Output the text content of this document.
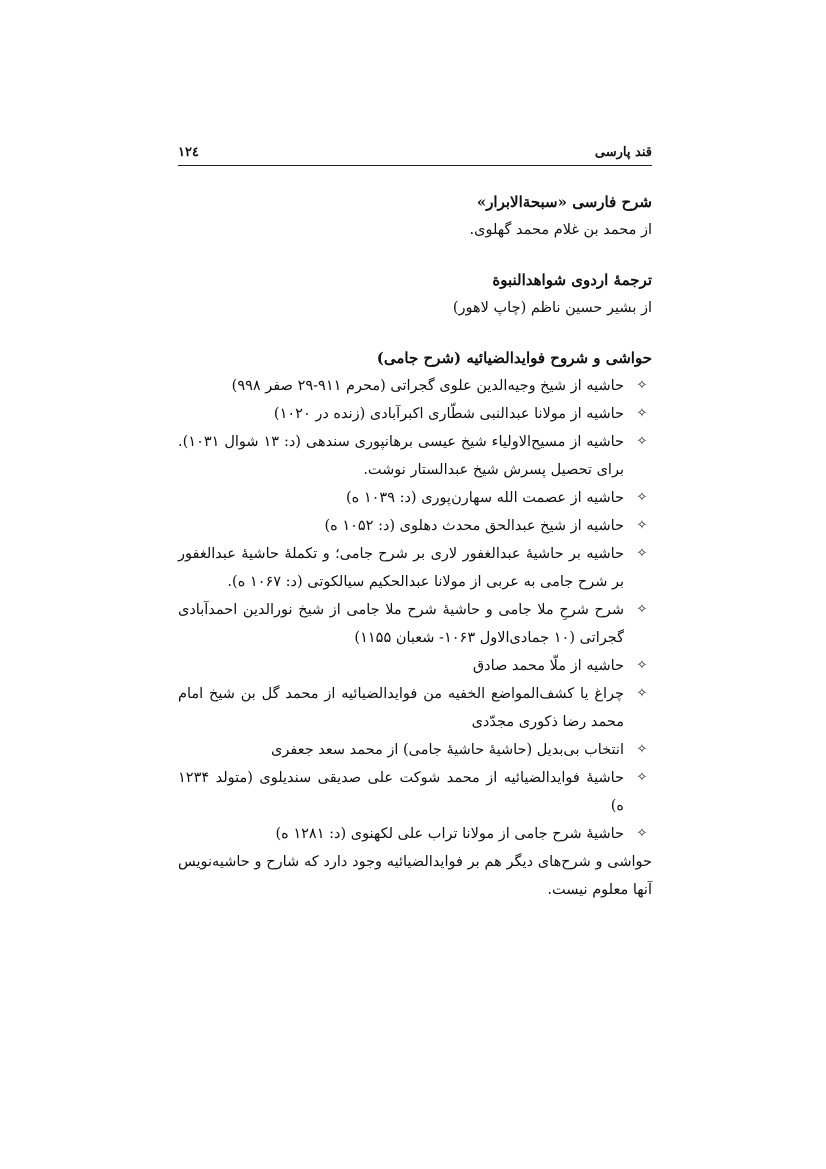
قند پارسی
۱۲٤
شرح فارسی «سبحةالابرار»
از محمد بن غلام محمد گهلوی.
ترجمۀ اردوی شواهدالنبوة
از بشیر حسین ناظم (چاپ لاهور)
حواشی و شروح فوایدالضیائیه (شرح جامی)
✧
حاشیه از شیخ وجیه‌الدین علوی گجراتی (محرم ۹۱۱-۲۹ صفر ۹۹۸)
✧
حاشیه از مولانا عبدالنبی شطّاری اکبرآبادی (زنده در ۱۰۲۰)
✧
حاشیه از مسیح‌الاولیاء شیخ عیسی برهانپوری سندهی (د: ۱۳ شوال ۱۰۳۱). برای تحصیل پسرش شیخ عبدالستار نوشت.
✧
حاشیه از عصمت الله سهارن‌پوری (د: ۱۰۳۹ ه)
✧
حاشیه از شیخ عبدالحق محدث دهلوی (د: ۱۰۵۲ ه)
✧
حاشیه بر حاشیۀ عبدالغفور لاری بر شرح جامی؛ و تکملۀ حاشیۀ عبدالغفور بر شرح جامی به عربی از مولانا عبدالحکیم سیالکوتی (د: ۱۰۶۷ ه).
✧
شرح شرحِ ملا جامی و حاشیۀ شرح ملا جامی از شیخ نورالدین احمدآبادی گجراتی (۱۰ جمادی‌الاول ۱۰۶۳- شعبان ۱۱۵۵)
✧
حاشیه از ملّا محمد صادق
✧
چراغ یا کشف‌المواضع الخفیه من فوایدالضیائیه از محمد گل بن شیخ امام محمد رضا ذکوری مجدّدی
✧
انتخاب بی‌بدیل (حاشیۀ حاشیۀ جامی) از محمد سعد جعفری
✧
حاشیۀ فوایدالضیائیه از محمد شوکت علی صدیقی سندیلوی (متولد ۱۲۳۴ ه)
✧
حاشیۀ شرح جامی از مولانا تراب علی لکهنوی (د: ۱۲۸۱ ه)
حواشی و شرح‌های دیگر هم بر فوایدالضیائیه وجود دارد که شارح و حاشیه‌نویس آنها معلوم نیست.
